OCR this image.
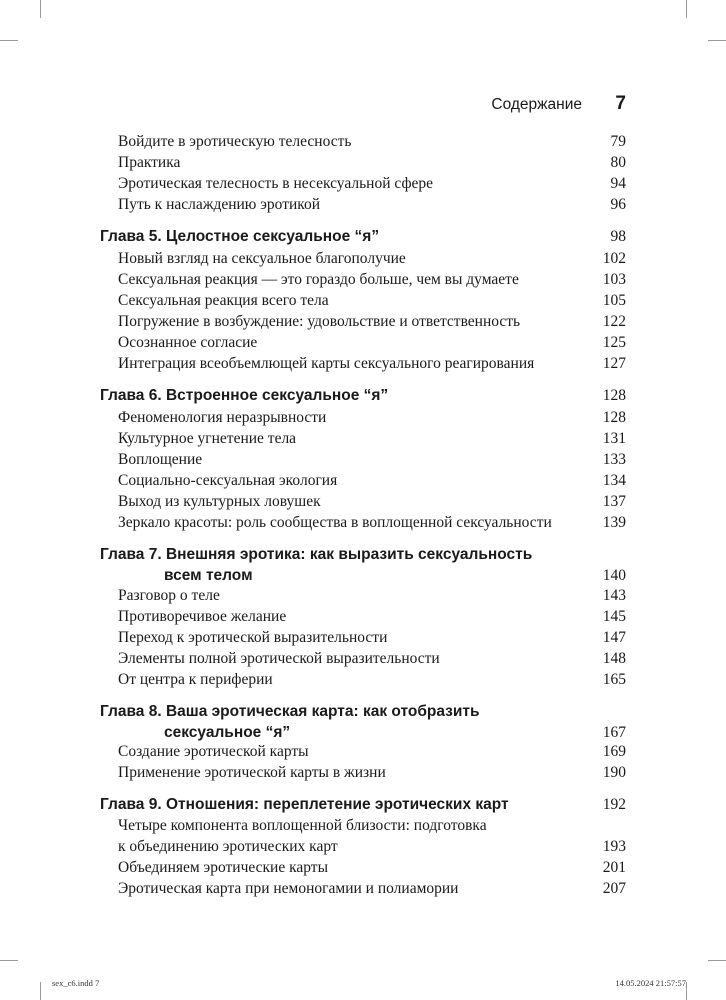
Содержание 7
Войдите в эротическую телесность	79
Практика	80
Эротическая телесность в несексуальной сфере	94
Путь к наслаждению эротикой	96
Глава 5. Целостное сексуальное “я”	98
Новый взгляд на сексуальное благополучие	102
Сексуальная реакция — это гораздо больше, чем вы думаете	103
Сексуальная реакция всего тела	105
Погружение в возбуждение: удовольствие и ответственность	122
Осознанное согласие	125
Интеграция всеобъемлющей карты сексуального реагирования	127
Глава 6. Встроенное сексуальное “я”	128
Феноменология неразрывности	128
Культурное угнетение тела	131
Воплощение	133
Социально-сексуальная экология	134
Выход из культурных ловушек	137
Зеркало красоты: роль сообщества в воплощенной сексуальности	139
Глава 7. Внешняя эротика: как выразить сексуальность
всем телом	140
Разговор о теле	143
Противоречивое желание	145
Переход к эротической выразительности	147
Элементы полной эротической выразительности	148
От центра к периферии	165
Глава 8. Ваша эротическая карта: как отобразить
сексуальное “я”	167
Создание эротической карты	169
Применение эротической карты в жизни	190
Глава 9. Отношения: переплетение эротических карт	192
Четыре компонента воплощенной близости: подготовка
к объединению эротических карт	193
Объединяем эротические карты	201
Эротическая карта при немоногамии и полиамории	207
sex_c6.indd 7	14.05.2024 21:57:57
